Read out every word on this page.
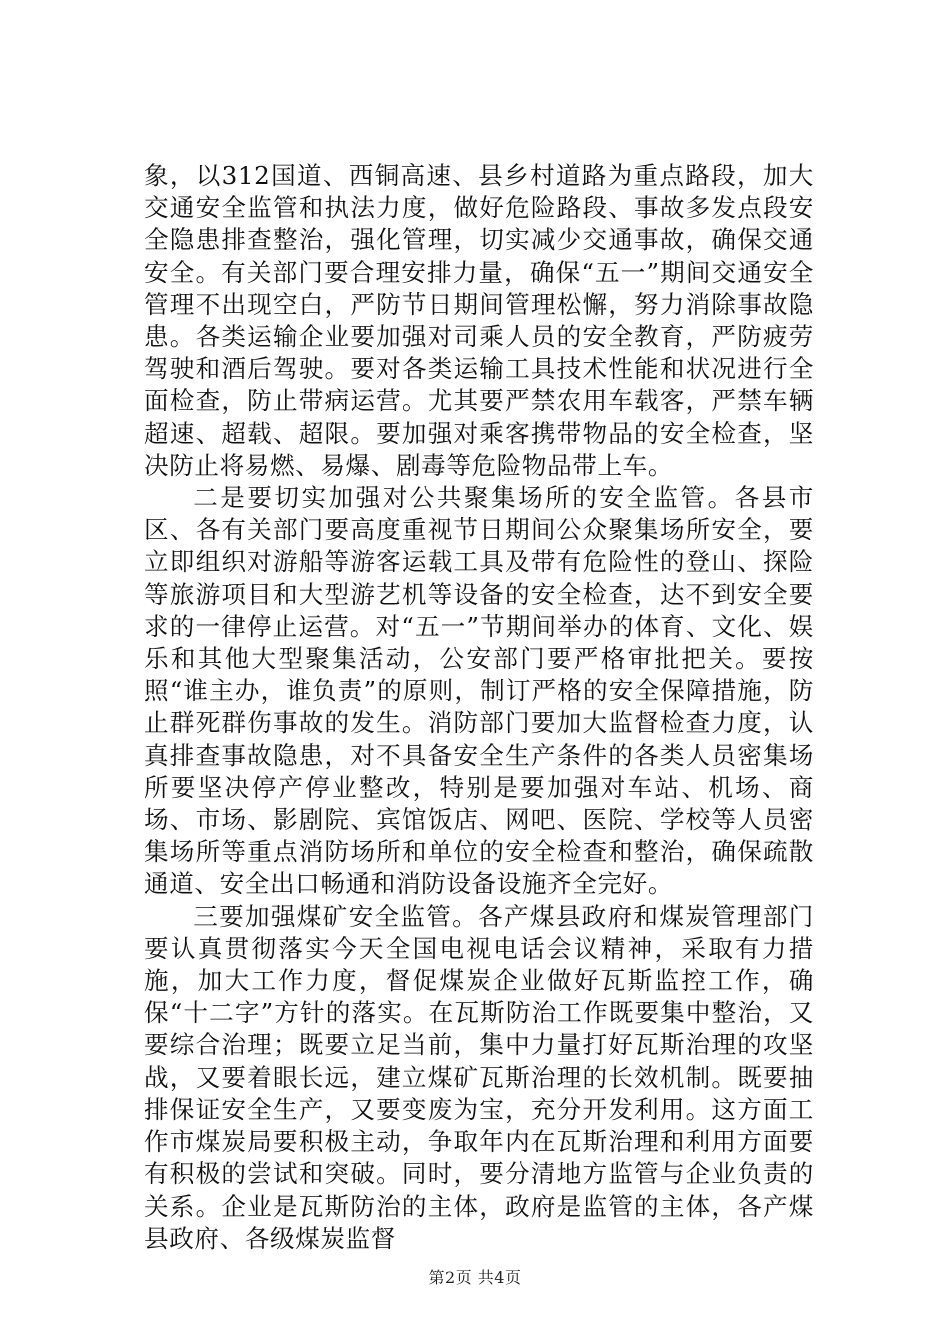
象，以312国道、西铜高速、县乡村道路为重点路段，加大交通安全监管和执法力度，做好危险路段、事故多发点段安全隐患排查整治，强化管理，切实减少交通事故，确保交通安全。有关部门要合理安排力量，确保“五一”期间交通安全管理不出现空白，严防节日期间管理松懈，努力消除事故隐患。各类运输企业要加强对司乘人员的安全教育，严防疲劳驾驶和酒后驾驶。要对各类运输工具技术性能和状况进行全面检查，防止带病运营。尤其要严禁农用车载客，严禁车辆超速、超载、超限。要加强对乘客携带物品的安全检查，坚决防止将易燃、易爆、剧毒等危险物品带上车。

二是要切实加强对公共聚集场所的安全监管。各县市区、各有关部门要高度重视节日期间公众聚集场所安全，要立即组织对游船等游客运载工具及带有危险性的登山、探险等旅游项目和大型游艺机等设备的安全检查，达不到安全要求的一律停止运营。对“五一”节期间举办的体育、文化、娱乐和其他大型聚集活动，公安部门要严格审批把关。要按照“谁主办，谁负责”的原则，制订严格的安全保障措施，防止群死群伤事故的发生。消防部门要加大监督检查力度，认真排查事故隐患，对不具备安全生产条件的各类人员密集场所要坚决停产停业整改，特别是要加强对车站、机场、商场、市场、影剧院、宾馆饭店、网吧、医院、学校等人员密集场所等重点消防场所和单位的安全检查和整治，确保疏散通道、安全出口畅通和消防设备设施齐全完好。

三要加强煤矿安全监管。各产煤县政府和煤炭管理部门要认真贯彻落实今天全国电视电话会议精神，采取有力措施，加大工作力度，督促煤炭企业做好瓦斯监控工作，确保“十二字”方针的落实。在瓦斯防治工作既要集中整治，又要综合治理；既要立足当前，集中力量打好瓦斯治理的攻坚战，又要着眼长远，建立煤矿瓦斯治理的长效机制。既要抽排保证安全生产，又要变废为宝，充分开发利用。这方面工作市煤炭局要积极主动，争取年内在瓦斯治理和利用方面要有积极的尝试和突破。同时，要分清地方监管与企业负责的关系。企业是瓦斯防治的主体，政府是监管的主体，各产煤县政府、各级煤炭监督

第2页 共4页
